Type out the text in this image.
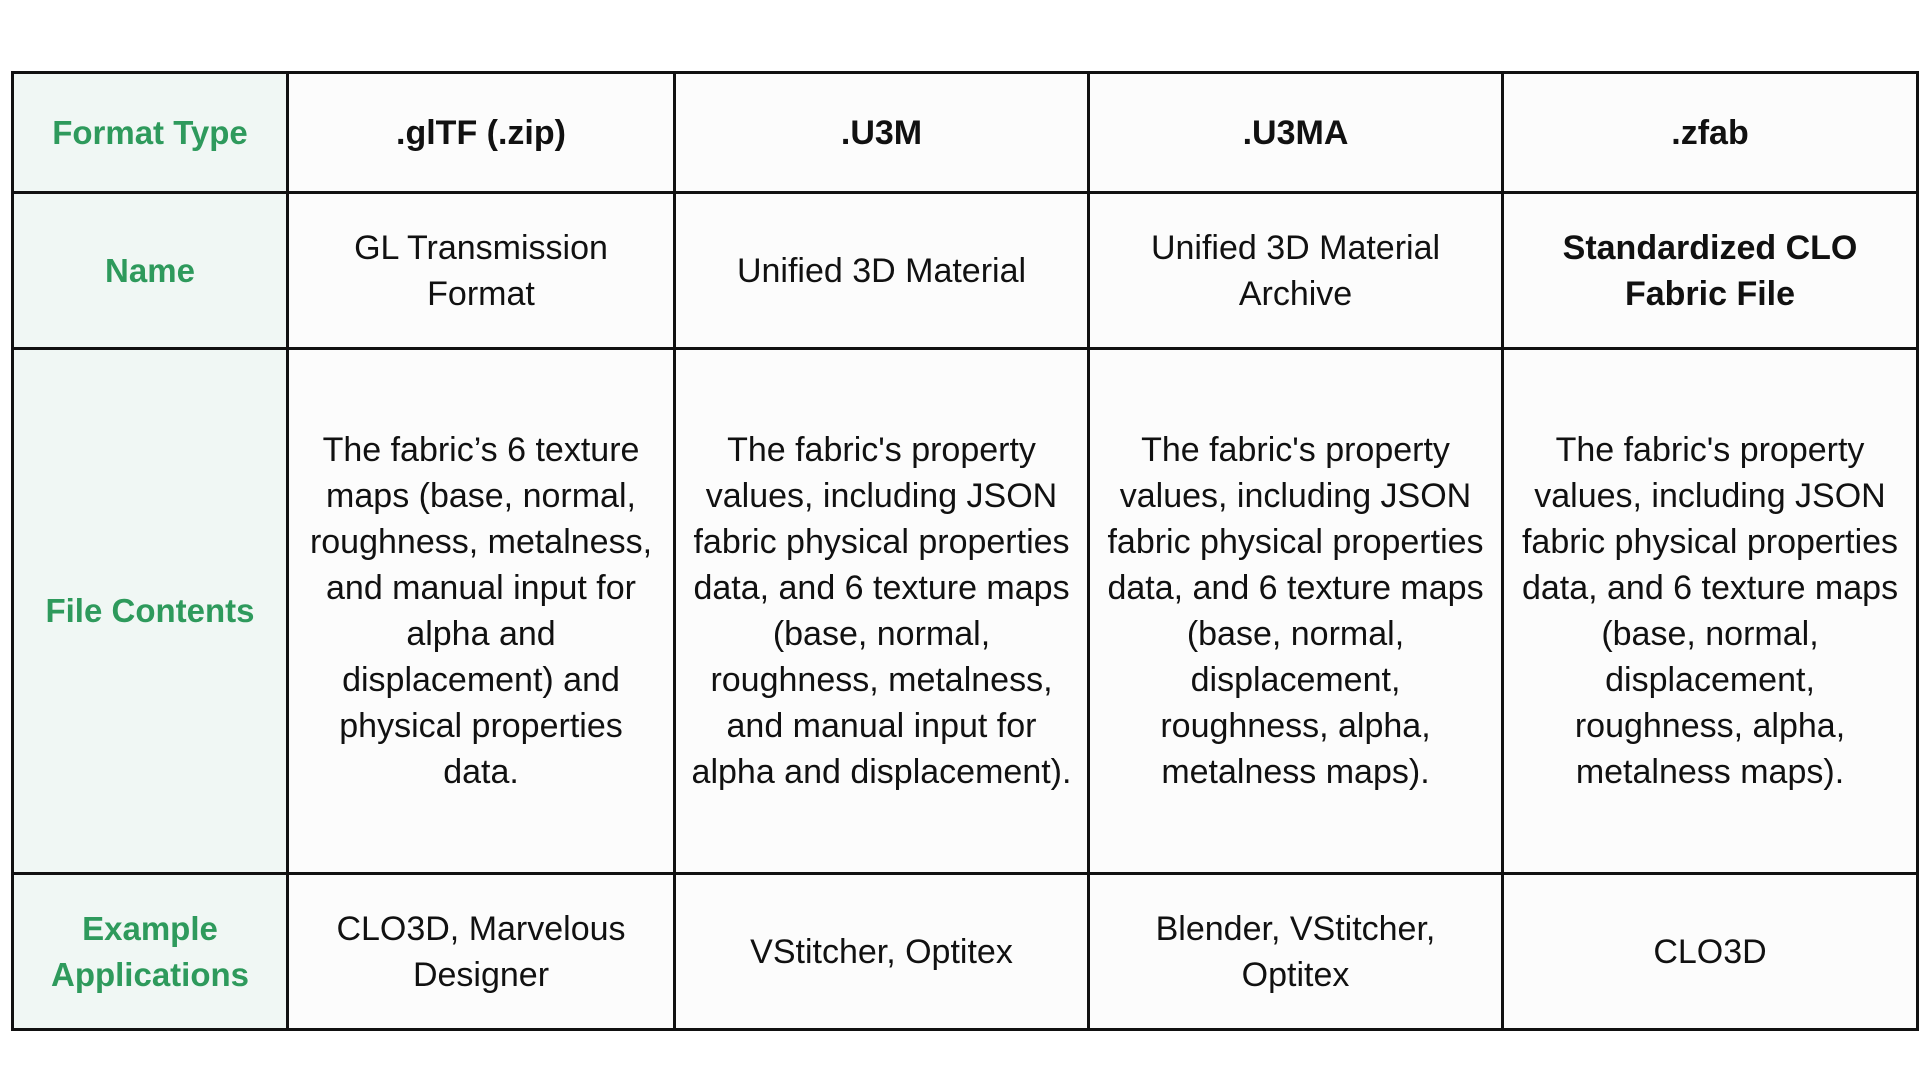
Format Type	.glTF (.zip)	.U3M	.U3MA	.zfab
Name	GL Transmission Format	Unified 3D Material	Unified 3D Material Archive	Standardized CLO Fabric File
File Contents	The fabric’s 6 texture maps (base, normal, roughness, metalness, and manual input for alpha and displacement) and physical properties data.	The fabric's property values, including JSON fabric physical properties data, and 6 texture maps (base, normal, roughness, metalness, and manual input for alpha and displacement).	The fabric's property values, including JSON fabric physical properties data, and 6 texture maps (base, normal, displacement, roughness, alpha, metalness maps).	The fabric's property values, including JSON fabric physical properties data, and 6 texture maps (base, normal, displacement, roughness, alpha, metalness maps).
Example Applications	CLO3D, Marvelous Designer	VStitcher, Optitex	Blender, VStitcher, Optitex	CLO3D
